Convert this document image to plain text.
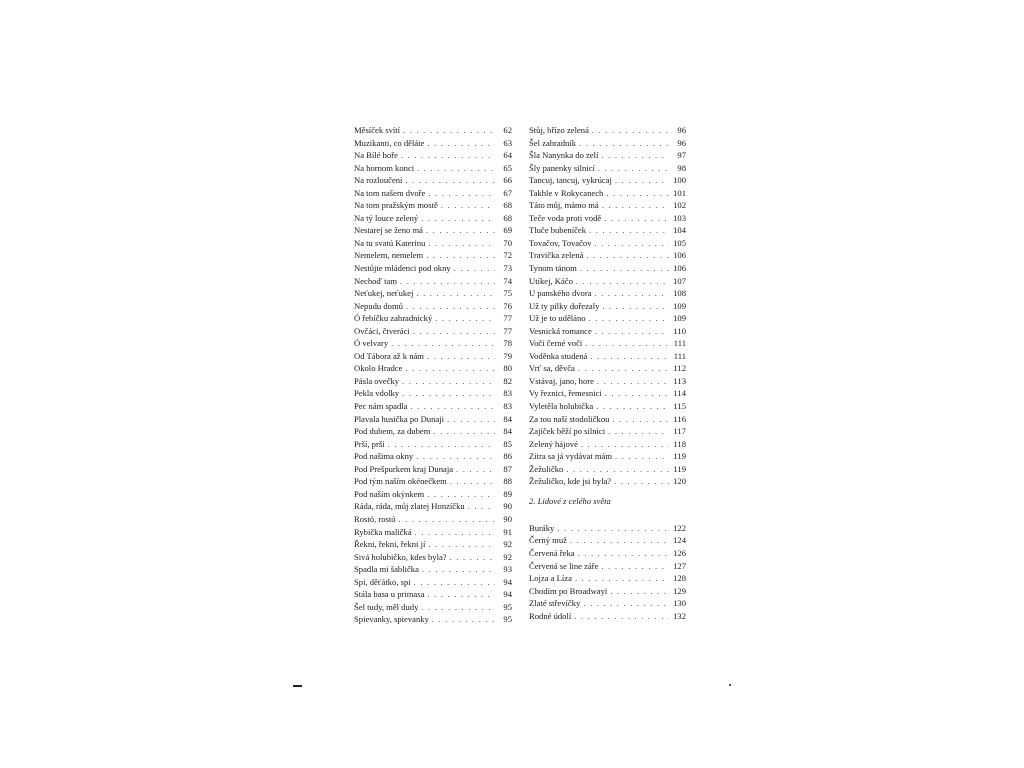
Měsíček svítí . . .	62
Muzikanti, co děláte . . .	63
Na Bílé hoře . . .	64
Na hornom konci . . .	65
Na rozloučení . . .	66
Na tom našem dvoře . . .	67
Na tom pražským mostě . . .	68
Na tý louce zelený . . .	68
Nestarej se ženo má . . .	69
Na tu svatú Katerinu . . .	70
Nemelem, nemelem . . .	72
Nestůjte mládenci pod okny . . .	73
Nechoď tam . . .	74
Neťukej, neťukej . . .	75
Nepudu domů . . .	76
Ó řebíčku zahradnický . . .	77
Ovčáci, čtveráci . . .	77
Ó velvary . . .	78
Od Tábora až k nám . . .	79
Okolo Hradce . . .	80
Pásla ovečky . . .	82
Pekla vdolky . . .	83
Pec nám spadla . . .	83
Plavala husička po Dunaji . . .	84
Pod dubem, za dubem . . .	84
Prší, prší . . .	85
Pod našima okny . . .	86
Pod Prešpurkem kraj Dunaja . . .	87
Pod tým naším okénečkem . . .	88
Pod naším okýnkem . . .	89
Ráda, ráda, můj zlatej Honzíčku . . .	90
Rostó, rostó . . .	90
Rybička maličká . . .	91
Řekni, řekni, řekni jí . . .	92
Sivá holubičko, kdes byla? . . .	92
Spadla mi šablička . . .	93
Spi, děťátko, spi . . .	94
Stála basa u primasa . . .	94
Šel tudy, měl dudy . . .	95
Spievanky, spievanky . . .	95
Stůj, břízo zelená . . .	96
Šel zahradník . . .	96
Šla Nanynka do zelí . . .	97
Šly panenky silnicí . . .	98
Tancuj, tancuj, vykrúcaj . . .	100
Takhle v Rokycanech . . .	101
Táto můj, mámo má . . .	102
Teče voda proti vodě . . .	103
Tluče bubeníček . . .	104
Tovačov, Tovačov . . .	105
Travička zelená . . .	106
Tynom tánom . . .	106
Utíkej, Káčo . . .	107
U panského dvora . . .	108
Už ty pilky dořezaly . . .	109
Už je to uděláno . . .	109
Vesnická romance . . .	110
Voči černé voči . . .	111
Voděnka studená . . .	111
Vrť sa, děvča . . .	112
Vstávaj, jano, hore . . .	113
Vy řeznici, řemesnici . . .	114
Vyletěla holubička . . .	115
Za tou naší stodoličkou . . .	116
Zajíček běží po silnici . . .	117
Zelený hájové . . .	118
Zítra sa já vydávat mám . . .	119
Žežuličko . . .	119
Žežuličko, kde jsi byla? . . .	120
2. Lidové z celého světa
Buráky . . .	122
Černý muž . . .	124
Červená řeka . . .	126
Červená se line záře . . .	127
Lojza a Líza . . .	128
Chodím po Broadwayi . . .	129
Zlaté střevíčky . . .	130
Rodné údolí . . .	132
